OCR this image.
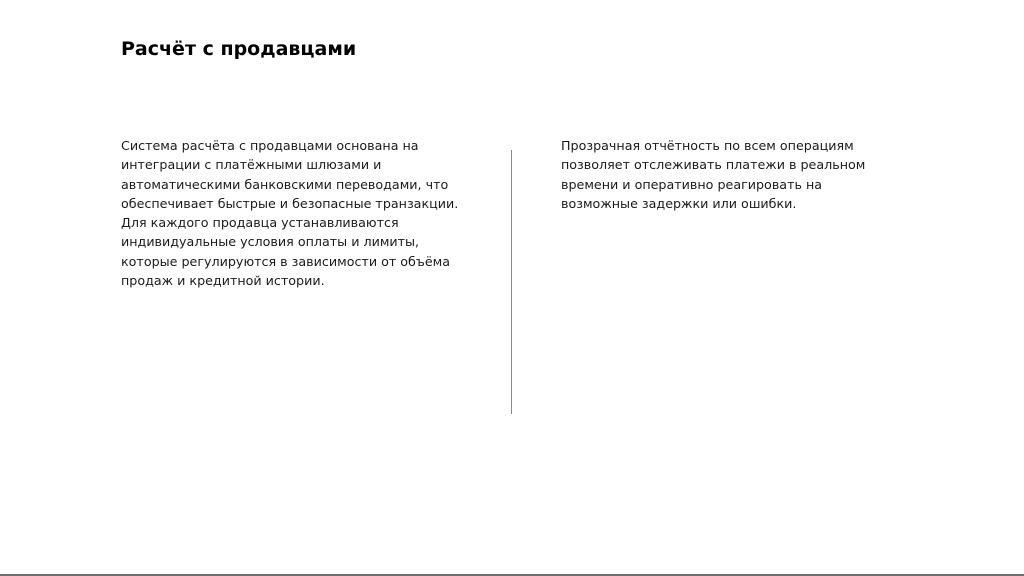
Расчёт с продавцами

Система расчёта с продавцами основана на интеграции с платёжными шлюзами и автоматическими банковскими переводами, что обеспечивает быстрые и безопасные транзакции. Для каждого продавца устанавливаются индивидуальные условия оплаты и лимиты, которые регулируются в зависимости от объёма продаж и кредитной истории.

Прозрачная отчётность по всем операциям позволяет отслеживать платежи в реальном времени и оперативно реагировать на возможные задержки или ошибки.
